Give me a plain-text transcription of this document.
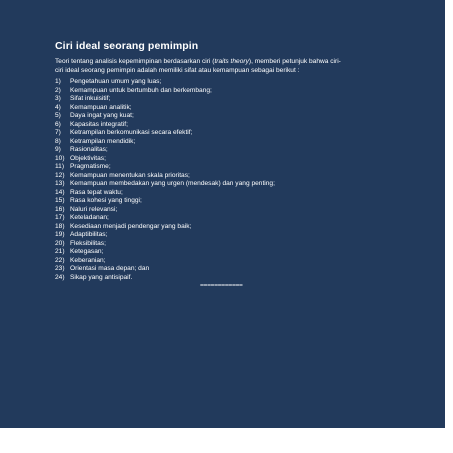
Ciri ideal seorang pemimpin
Teori tentang analisis kepemimpinan berdasarkan ciri (traits theory), memberi petunjuk bahwa ciri-
ciri ideal seorang pemimpin adalah memiliki sifat atau kemampuan sebagai berikut :
1)	Pengetahuan umum yang luas;
2)	Kemampuan untuk bertumbuh dan berkembang;
3)	Sifat inkuisitif;
4)	Kemampuan analitik;
5)	Daya ingat yang kuat;
6)	Kapasitas integratif;
7)	Ketrampilan berkomunikasi secara efektif;
8)	Ketrampilan mendidik;
9)	Rasionalitas;
10) Objektivitas;
11) Pragmatisme;
12) Kemampuan menentukan skala prioritas;
13) Kemampuan membedakan yang urgen (mendesak) dan yang penting;
14) Rasa tepat waktu;
15) Rasa kohesi yang tinggi;
16) Naluri relevansi;
17) Keteladanan;
18) Kesediaan menjadi pendengar yang baik;
19) Adaptibilitas;
20) Fleksibilitas;
21) Ketegasan;
22) Keberanian;
23) Orientasi masa depan; dan
24) Sikap yang antisipaif.
============
